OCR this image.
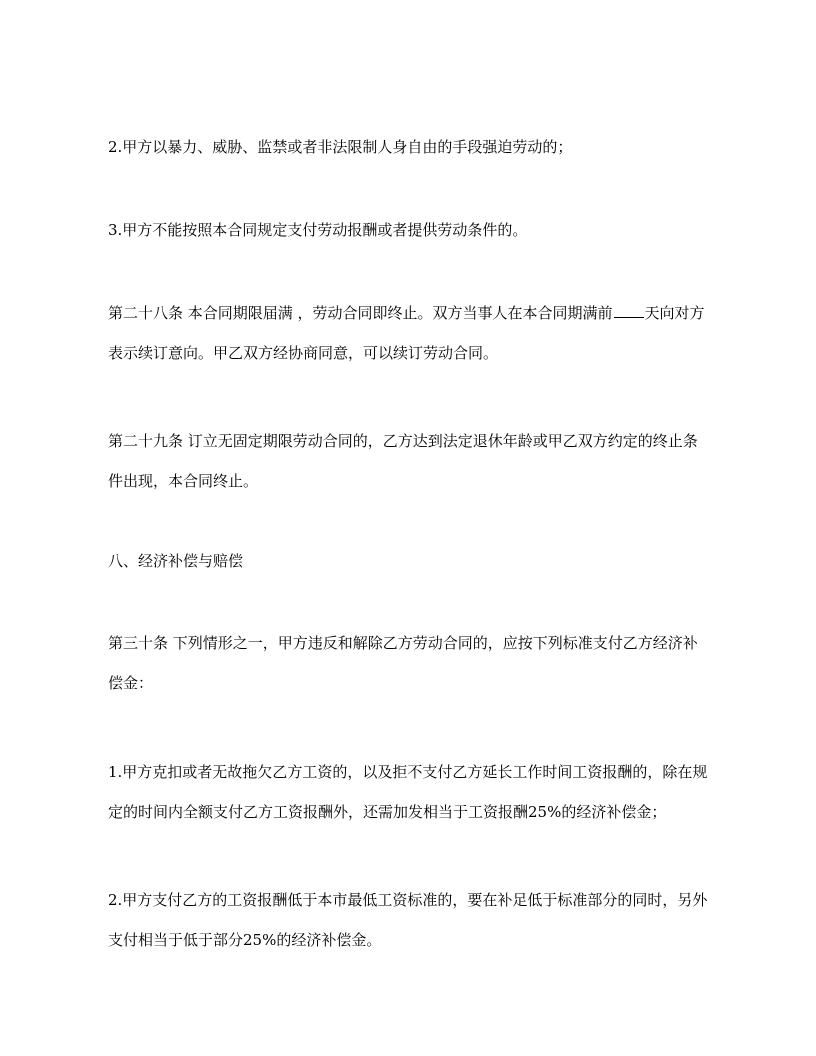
2.甲方以暴力、威胁、监禁或者非法限制人身自由的手段强迫劳动的；

3.甲方不能按照本合同规定支付劳动报酬或者提供劳动条件的。

第二十八条 本合同期限届满 ，劳动合同即终止。双方当事人在本合同期满前 天向对方
表示续订意向。甲乙双方经协商同意，可以续订劳动合同。

第二十九条 订立无固定期限劳动合同的，乙方达到法定退休年龄或甲乙双方约定的终止条
件出现，本合同终止。

八、经济补偿与赔偿

第三十条 下列情形之一，甲方违反和解除乙方劳动合同的，应按下列标准支付乙方经济补
偿金：

1.甲方克扣或者无故拖欠乙方工资的，以及拒不支付乙方延长工作时间工资报酬的，除在规
定的时间内全额支付乙方工资报酬外，还需加发相当于工资报酬25%的经济补偿金；

2.甲方支付乙方的工资报酬低于本市最低工资标准的，要在补足低于标准部分的同时，另外
支付相当于低于部分25%的经济补偿金。
